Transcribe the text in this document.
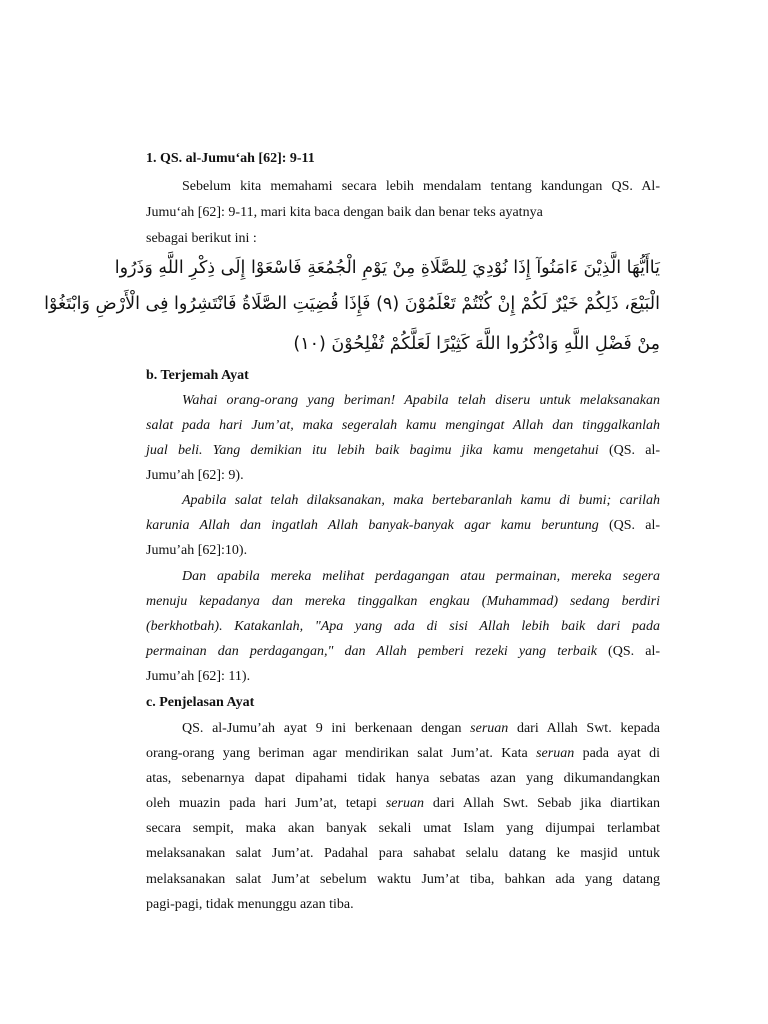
1. QS. al-Jumu‘ah [62]: 9-11
Sebelum kita memahami secara lebih mendalam tentang kandungan QS. Al-
Jumu‘ah [62]: 9-11, mari kita baca dengan baik dan benar teks ayatnya
sebagai berikut ini :
يَاأَيُّهَا الَّذِيْنَ ءَامَنُوآ إِذَا نُوْدِيَ لِلصَّلَاةِ مِنْ يَوْمِ الْجُمُعَةِ فَاسْعَوْا إِلَى ذِكْرِ اللَّهِ وَذَرُوا
الْبَيْعَ، ذَلِكُمْ خَيْرٌ لَكُمْ إِنْ كُنْتُمْ تَعْلَمُوْنَ (٩) فَإِذَا قُضِيَتِ الصَّلَاةُ فَانْتَشِرُوا فِى الْأَرْضِ وَابْتَغُوْا
مِنْ فَضْلِ اللَّهِ وَاذْكُرُوا اللَّهَ كَثِيْرًا لَعَلَّكُمْ تُفْلِحُوْنَ (١٠)
b. Terjemah Ayat
Wahai orang-orang yang beriman! Apabila telah diseru untuk melaksanakan
salat pada hari Jum’at, maka segeralah kamu mengingat Allah dan tinggalkanlah
jual beli. Yang demikian itu lebih baik bagimu jika kamu mengetahui (QS. al-
Jumu’ah [62]: 9).
Apabila salat telah dilaksanakan, maka bertebaranlah kamu di bumi; carilah
karunia Allah dan ingatlah Allah banyak-banyak agar kamu beruntung (QS. al-
Jumu’ah [62]:10).
Dan apabila mereka melihat perdagangan atau permainan, mereka segera
menuju kepadanya dan mereka tinggalkan engkau (Muhammad) sedang berdiri
(berkhotbah). Katakanlah, "Apa yang ada di sisi Allah lebih baik dari pada
permainan dan perdagangan," dan Allah pemberi rezeki yang terbaik (QS. al-
Jumu’ah [62]: 11).
c. Penjelasan Ayat
QS. al-Jumu’ah ayat 9 ini berkenaan dengan seruan dari Allah Swt. kepada
orang-orang yang beriman agar mendirikan salat Jum’at. Kata seruan pada ayat di
atas, sebenarnya dapat dipahami tidak hanya sebatas azan yang dikumandangkan
oleh muazin pada hari Jum’at, tetapi seruan dari Allah Swt. Sebab jika diartikan
secara sempit, maka akan banyak sekali umat Islam yang dijumpai terlambat
melaksanakan salat Jum’at. Padahal para sahabat selalu datang ke masjid untuk
melaksanakan salat Jum’at sebelum waktu Jum’at tiba, bahkan ada yang datang
pagi-pagi, tidak menunggu azan tiba.
